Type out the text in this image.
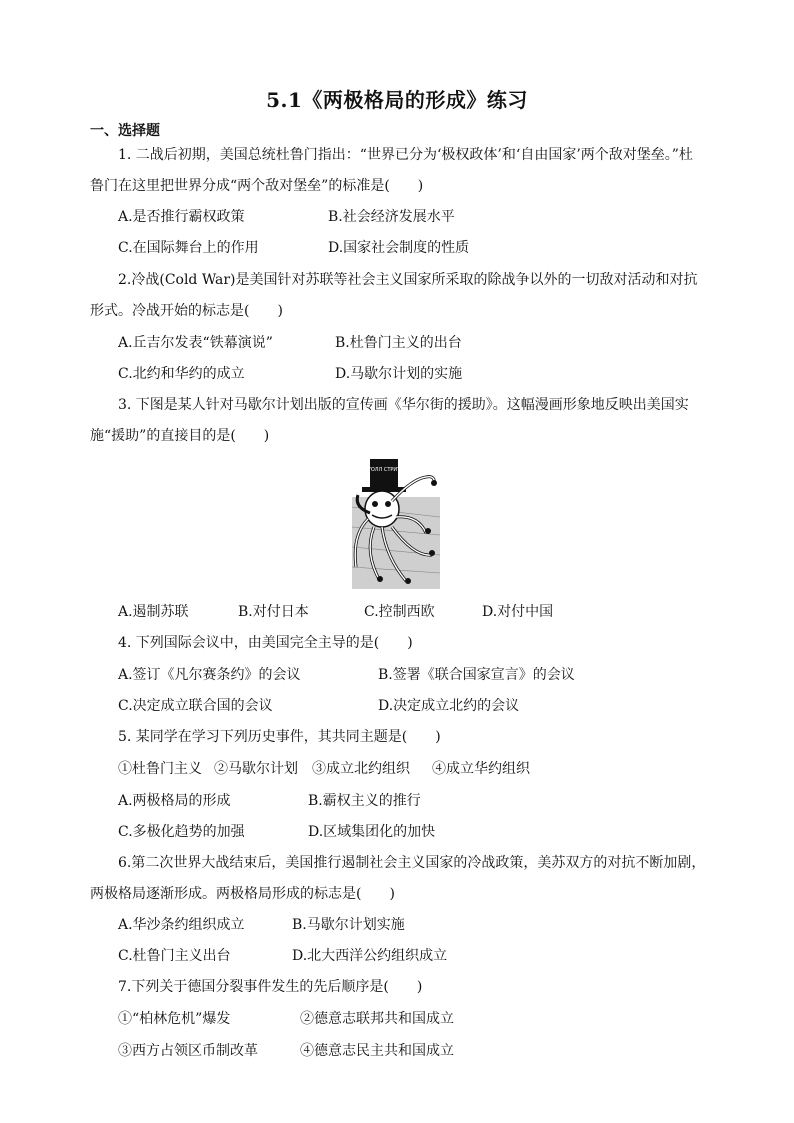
5.1《两极格局的形成》练习
一、选择题

1. 二战后初期，美国总统杜鲁门指出：“世界已分为‘极权政体’和‘自由国家’两个敌对堡垒。”杜鲁门在这里把世界分成“两个敌对堡垒”的标准是(　　)

A.是否推行霸权政策	B.社会经济发展水平
C.在国际舞台上的作用	D.国家社会制度的性质

2.冷战(Cold War)是美国针对苏联等社会主义国家所采取的除战争以外的一切敌对活动和对抗形式。冷战开始的标志是(　　)

A.丘吉尔发表“铁幕演说”	B.杜鲁门主义的出台
C.北约和华约的成立	D.马歇尔计划的实施

3. 下图是某人针对马歇尔计划出版的宣传画《华尔街的援助》。这幅漫画形象地反映出美国实施“援助”的直接目的是(　　)

УОЛЛ СТРИТ
A.遏制苏联	B.对付日本	C.控制西欧	D.对付中国

4. 下列国际会议中，由美国完全主导的是(　　)

A.签订《凡尔赛条约》的会议	B.签署《联合国家宣言》的会议
C.决定成立联合国的会议	D.决定成立北约的会议

5. 某同学在学习下列历史事件，其共同主题是(　　)

①杜鲁门主义 ②马歇尔计划 ③成立北约组织 ④成立华约组织
A.两极格局的形成	B.霸权主义的推行
C.多极化趋势的加强	D.区域集团化的加快

6.第二次世界大战结束后，美国推行遏制社会主义国家的冷战政策，美苏双方的对抗不断加剧，两极格局逐渐形成。两极格局形成的标志是(　　)

A.华沙条约组织成立	B.马歇尔计划实施
C.杜鲁门主义出台	D.北大西洋公约组织成立

7.下列关于德国分裂事件发生的先后顺序是(　　)

①“柏林危机”爆发	②德意志联邦共和国成立
③西方占领区币制改革	④德意志民主共和国成立
